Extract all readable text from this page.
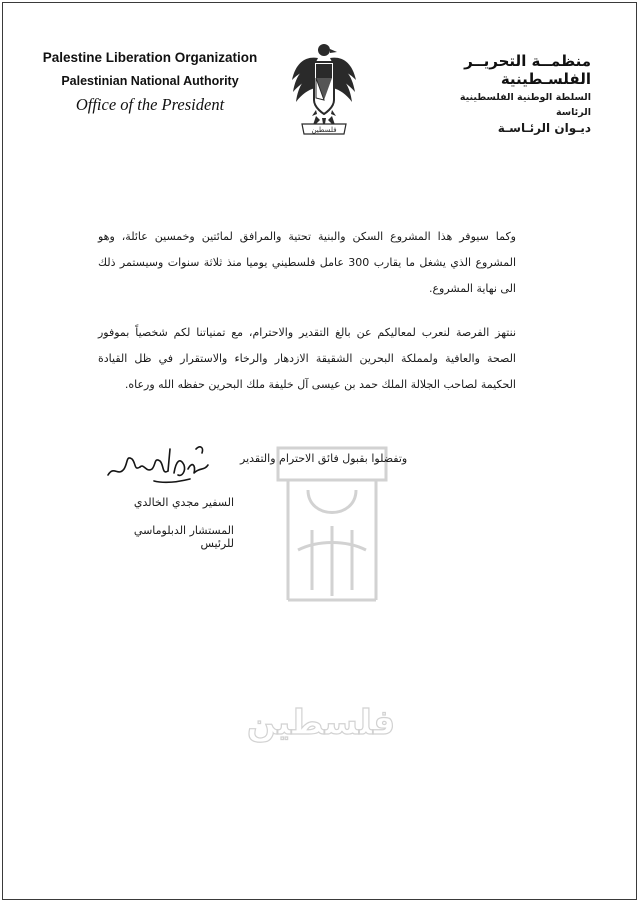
Palestine Liberation Organization
Palestinian National Authority
Office of the President
فلسطين
منظمــة التحريــر الفلسـطينية
السلطة الوطنية الفلسطينية
الرئاسة
ديـوان الرئـاسـة
وكما سيوفر هذا المشروع السكن والبنية تحتية والمرافق لمائتين وخمسين عائلة، وهو المشروع الذي يشغل ما يقارب 300 عامل فلسطيني يوميا منذ ثلاثة سنوات وسيستمر ذلك الى نهاية المشروع.
ننتهز الفرصة لنعرب لمعاليكم عن بالغ التقدير والاحترام، مع تمنياتنا لكم شخصياً بموفور الصحة والعافية ولمملكة البحرين الشقيقة الازدهار والرخاء والاستقرار في ظل القيادة الحكيمة لصاحب الجلالة الملك حمد بن عيسى آل خليفة ملك البحرين حفظه الله ورعاه.
وتفضلوا بقبول فائق الاحترام والتقدير
السفير مجدي الخالدي
المستشار الدبلوماسي للرئيس
فلسطين
